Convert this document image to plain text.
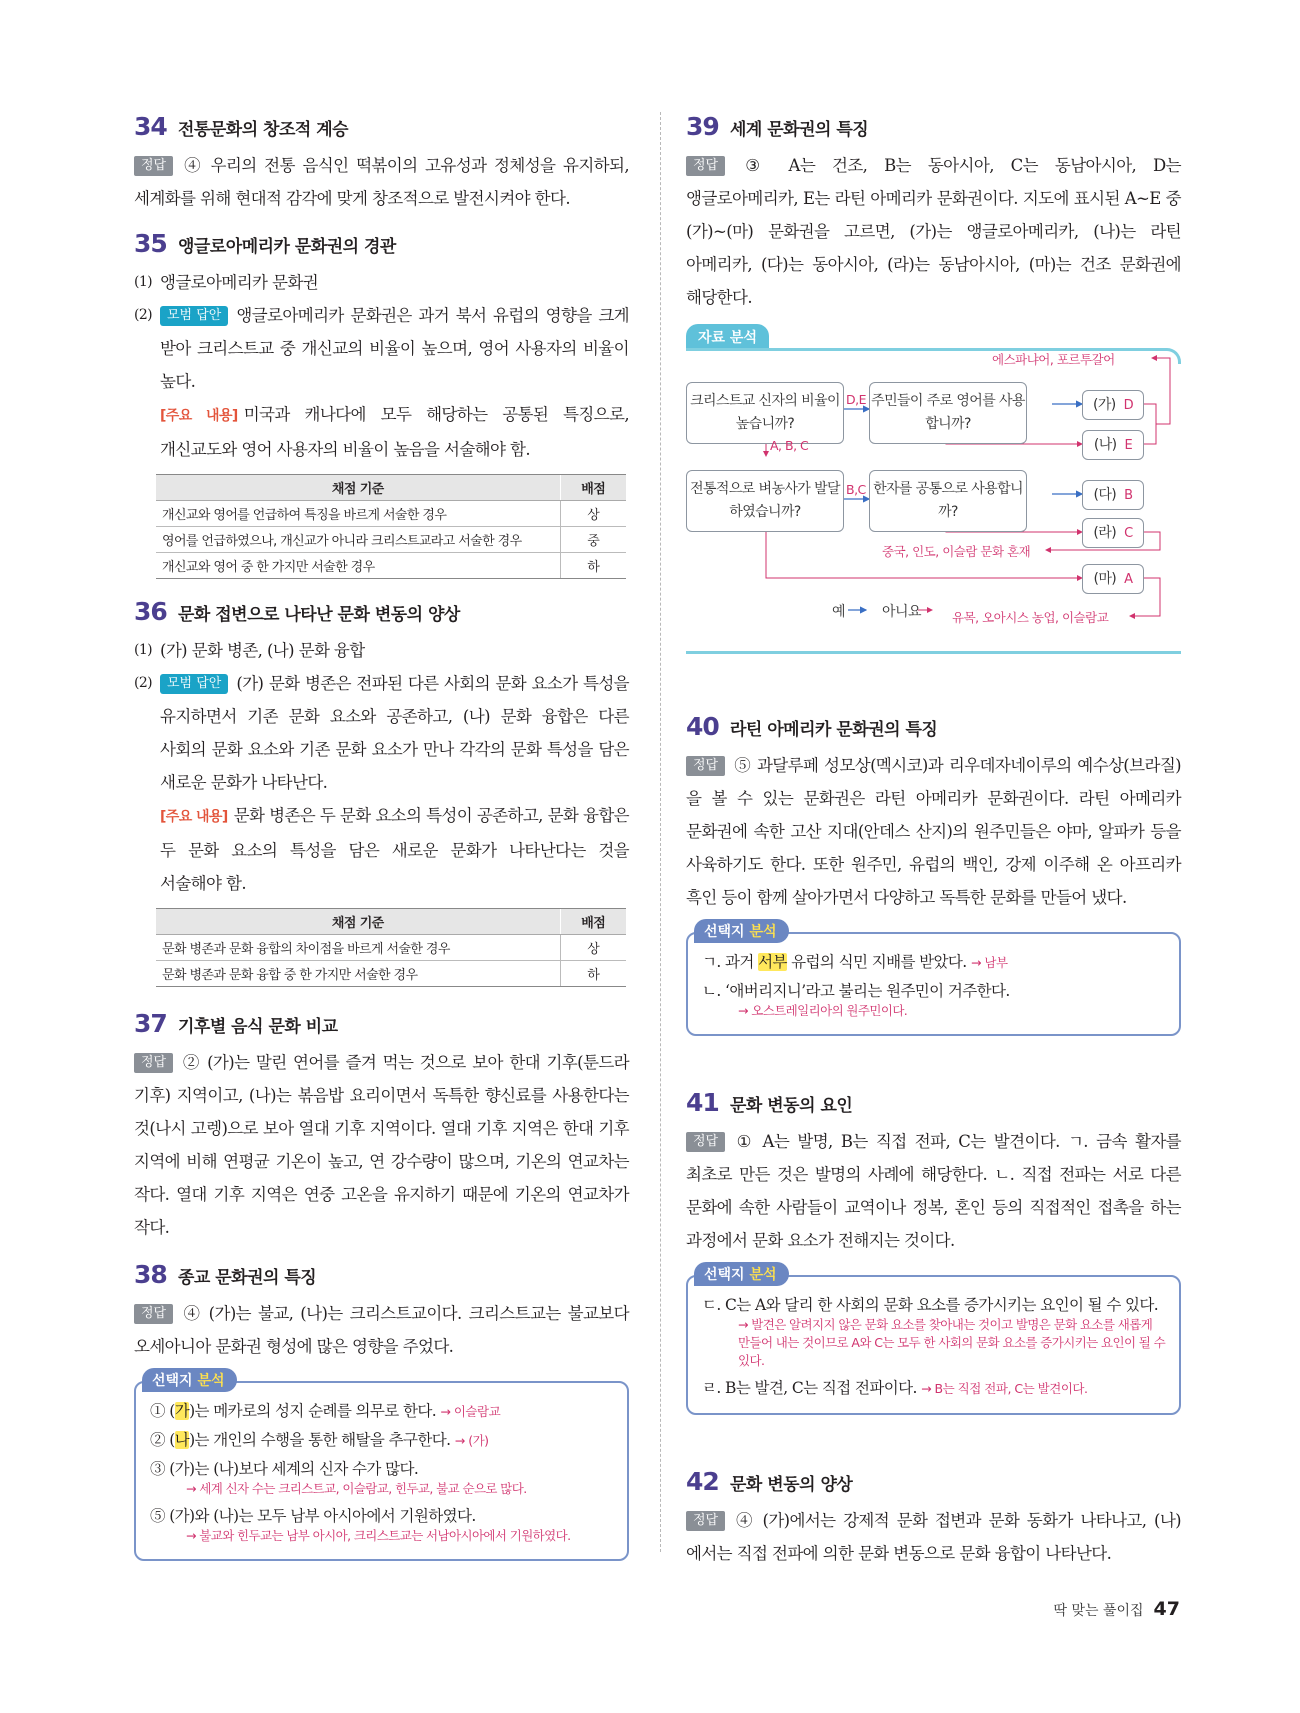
34 전통문화의 창조적 계승
정답 ④ 우리의 전통 음식인 떡볶이의 고유성과 정체성을 유지하되, 세계화를 위해 현대적 감각에 맞게 창조적으로 발전시켜야 한다.
35 앵글로아메리카 문화권의 경관
(1) 앵글로아메리카 문화권
(2)	모범 답안 앵글로아메리카 문화권은 과거 북서 유럽의 영향을 크게 받아 크리스트교 중 개신교의 비율이 높으며, 영어 사용자의 비율이 높다.
[주요 내용] 미국과 캐나다에 모두 해당하는 공통된 특징으로, 개신교도와 영어 사용자의 비율이 높음을 서술해야 함.
채점 기준	배점
개신교와 영어를 언급하여 특징을 바르게 서술한 경우	상
영어를 언급하였으나, 개신교가 아니라 크리스트교라고 서술한 경우	중
개신교와 영어 중 한 가지만 서술한 경우	하
36 문화 접변으로 나타난 문화 변동의 양상
(1) (가) 문화 병존, (나) 문화 융합
(2)	모범 답안 (가) 문화 병존은 전파된 다른 사회의 문화 요소가 특성을 유지하면서 기존 문화 요소와 공존하고, (나) 문화 융합은 다른 사회의 문화 요소와 기존 문화 요소가 만나 각각의 문화 특성을 담은 새로운 문화가 나타난다.
[주요 내용] 문화 병존은 두 문화 요소의 특성이 공존하고, 문화 융합은 두 문화 요소의 특성을 담은 새로운 문화가 나타난다는 것을 서술해야 함.
채점 기준	배점
문화 병존과 문화 융합의 차이점을 바르게 서술한 경우	상
문화 병존과 문화 융합 중 한 가지만 서술한 경우	하
37 기후별 음식 문화 비교
정답 ② (가)는 말린 연어를 즐겨 먹는 것으로 보아 한대 기후(툰드라 기후) 지역이고, (나)는 볶음밥 요리이면서 독특한 향신료를 사용한다는 것(나시 고렝)으로 보아 열대 기후 지역이다. 열대 기후 지역은 한대 기후 지역에 비해 연평균 기온이 높고, 연 강수량이 많으며, 기온의 연교차는 작다. 열대 기후 지역은 연중 고온을 유지하기 때문에 기온의 연교차가 작다.
38 종교 문화권의 특징
정답 ④ (가)는 불교, (나)는 크리스트교이다. 크리스트교는 불교보다 오세아니아 문화권 형성에 많은 영향을 주었다.
선택지 분석
① (가)는 메카로의 성지 순례를 의무로 한다. → 이슬람교
② (나)는 개인의 수행을 통한 해탈을 추구한다. → (가)
③ (가)는 (나)보다 세계의 신자 수가 많다.
→ 세계 신자 수는 크리스트교, 이슬람교, 힌두교, 불교 순으로 많다.
⑤ (가)와 (나)는 모두 남부 아시아에서 기원하였다.
→ 불교와 힌두교는 남부 아시아, 크리스트교는 서남아시아에서 기원하였다.
39 세계 문화권의 특징
정답 ③ A는 건조, B는 동아시아, C는 동남아시아, D는 앵글로아메리카, E는 라틴 아메리카 문화권이다. 지도에 표시된 A~E 중 (가)~(마) 문화권을 고르면, (가)는 앵글로아메리카, (나)는 라틴 아메리카, (다)는 동아시아, (라)는 동남아시아, (마)는 건조 문화권에 해당한다.
자료 분석
크리스트교 신자의 비율이 높습니까?
주민들이 주로 영어를 사용합니까?
전통적으로 벼농사가 발달하였습니까?
한자를 공통으로 사용합니까?
(가) D
(나) E
(다) B
(라) C
(마) A
D,E
A, B, C
B,C
에스파냐어, 포르투갈어
중국, 인도, 이슬람 문화 혼재
유목, 오아시스 농업, 이슬람교
예	아니요
40 라틴 아메리카 문화권의 특징
정답 ⑤ 과달루페 성모상(멕시코)과 리우데자네이루의 예수상(브라질)을 볼 수 있는 문화권은 라틴 아메리카 문화권이다. 라틴 아메리카 문화권에 속한 고산 지대(안데스 산지)의 원주민들은 야마, 알파카 등을 사육하기도 한다. 또한 원주민, 유럽의 백인, 강제 이주해 온 아프리카 흑인 등이 함께 살아가면서 다양하고 독특한 문화를 만들어 냈다.
선택지 분석
ㄱ. 과거 서부 유럽의 식민 지배를 받았다. → 남부
ㄴ. ‘애버리지니’라고 불리는 원주민이 거주한다.
→ 오스트레일리아의 원주민이다.
41 문화 변동의 요인
정답 ① A는 발명, B는 직접 전파, C는 발견이다. ㄱ. 금속 활자를 최초로 만든 것은 발명의 사례에 해당한다. ㄴ. 직접 전파는 서로 다른 문화에 속한 사람들이 교역이나 정복, 혼인 등의 직접적인 접촉을 하는 과정에서 문화 요소가 전해지는 것이다.
선택지 분석
ㄷ. C는 A와 달리 한 사회의 문화 요소를 증가시키는 요인이 될 수 있다.
→ 발견은 알려지지 않은 문화 요소를 찾아내는 것이고 발명은 문화 요소를 새롭게 만들어 내는 것이므로 A와 C는 모두 한 사회의 문화 요소를 증가시키는 요인이 될 수 있다.
ㄹ. B는 발견, C는 직접 전파이다. → B는 직접 전파, C는 발견이다.
42 문화 변동의 양상
정답 ④ (가)에서는 강제적 문화 접변과 문화 동화가 나타나고, (나)에서는 직접 전파에 의한 문화 변동으로 문화 융합이 나타난다.
딱 맞는 풀이집 47
